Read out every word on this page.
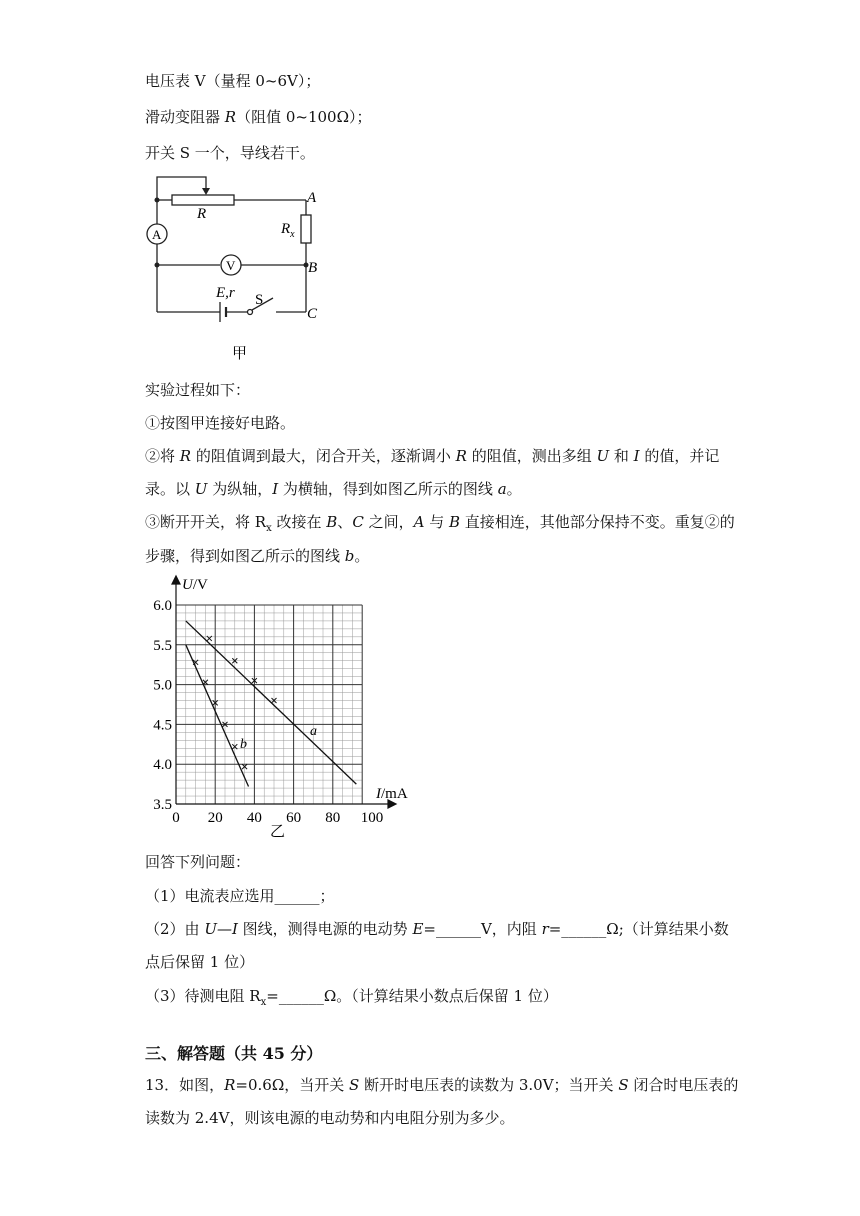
电压表 V（量程 0~6V）；
滑动变阻器 R（阻值 0~100Ω）；
开关 S 一个，导线若干。
R
A
$R_x$
A
V	B
E,r S
C
甲
实验过程如下：
①按图甲连接好电路。
②将 R 的阻值调到最大，闭合开关，逐渐调小 R 的阻值，测出多组 U 和 I 的值，并记
录。以 U 为纵轴，I 为横轴，得到如图乙所示的图线 a。
③断开开关，将 $R_x$ 改接在 B、C 之间，A 与 B 直接相连，其他部分保持不变。重复②的
步骤，得到如图乙所示的图线 b。
0 20 40 60 80 100
3.5
4.0
4.5
5.0
5.5
6.0
U/V
I/mA
a
b
乙
回答下列问题：
（1）电流表应选用______；
（2）由 U—I 图线，测得电源的电动势 E=______V，内阻 r=______Ω;（计算结果小数
点后保留 1 位）
（3）待测电阻 $R_x=\_\_\_\_\_\_\Omega$。（计算结果小数点后保留 1 位）
三、解答题（共 45 分）
13．如图，R=0.6Ω，当开关 S 断开时电压表的读数为 3.0V；当开关 S 闭合时电压表的
读数为 2.4V，则该电源的电动势和内电阻分别为多少。
